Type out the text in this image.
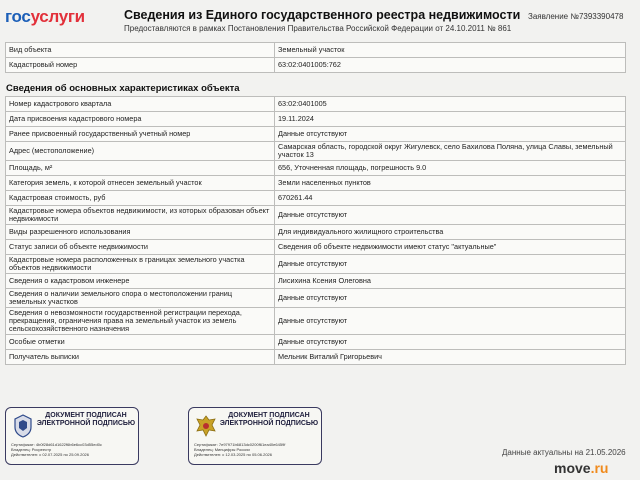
госуслуги	Сведения из Единого государственного реестра недвижимости
Предоставляются в рамках Постановления Правительства Российской Федерации от 24.10.2011 № 861
Заявление №7393390478
Вид объекта	Земельный участок
Кадастровый номер	63:02:0401005:762
Сведения об основных характеристиках объекта
Номер кадастрового квартала	63:02:0401005
Дата присвоения кадастрового номера	19.11.2024
Ранее присвоенный государственный учетный номер	Данные отсутствуют
Адрес (местоположение)	Самарская область, городской округ Жигулевск, село Бахилова Поляна, улица Славы, земельный участок 13
Площадь, м²	656, Уточненная площадь, погрешность 9.0
Категория земель, к которой отнесен земельный участок	Земли населенных пунктов
Кадастровая стоимость, руб	670261.44
Кадастровые номера объектов недвижимости, из которых образован объект недвижимости	Данные отсутствуют
Виды разрешенного использования	Для индивидуального жилищного строительства
Статус записи об объекте недвижимости	Сведения об объекте недвижимости имеют статус "актуальные"
Кадастровые номера расположенных в границах земельного участка объектов недвижимости	Данные отсутствуют
Сведения о кадастровом инженере	Лисихина Ксения Олеговна
Сведения о наличии земельного спора о местоположении границ земельных участков	Данные отсутствуют
Сведения о невозможности государственной регистрации перехода, прекращения, ограничения права на земельный участок из земель сельскохозяйственного назначения	Данные отсутствуют
Особые отметки	Данные отсутствуют
Получатель выписки	Мельник Виталий Григорьевич
ДОКУМЕНТ ПОДПИСАН ЭЛЕКТРОННОЙ ПОДПИСЬЮ
Сертификат: 4b0f28d61d1622f6b6e6cc03d55ed0c
Владелец: Росреестр
Действителен: с 02.07.2025 по 25.09.2026
ДОКУМЕНТ ПОДПИСАН ЭЛЕКТРОННОЙ ПОДПИСЬЮ
Сертификат: 7e97971b6813dc0200f61ea40e6459f
Владелец: Минцифры России
Действителен: с 12.03.2025 по 05.06.2026	Данные актуальны на 21.05.2026
move.ru
